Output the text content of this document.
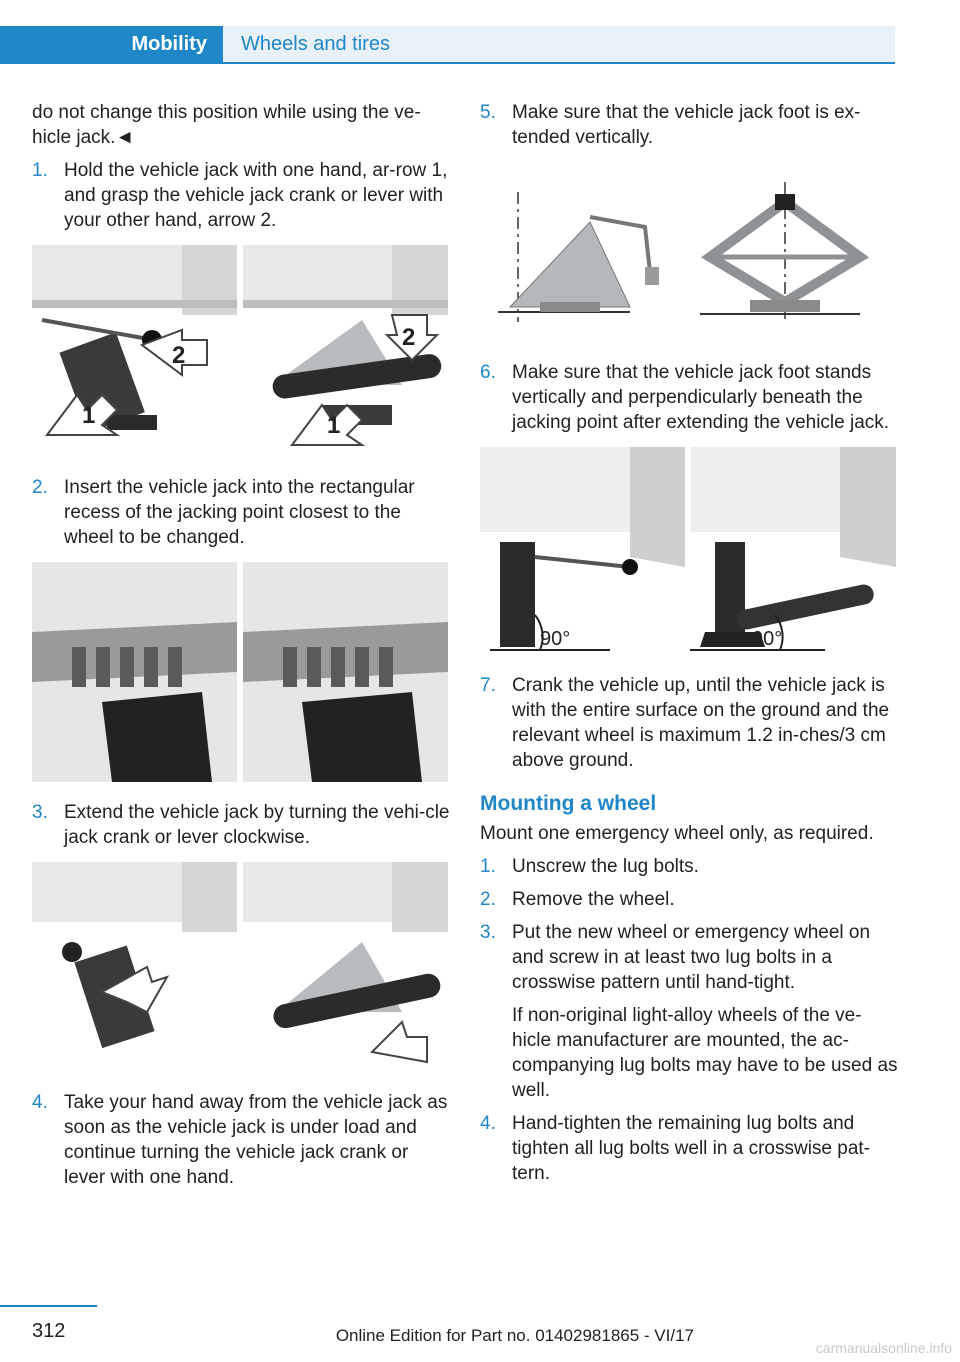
Mobility Wheels and tires
do not change this position while using the ve-hicle jack.◄
1. Hold the vehicle jack with one hand, ar-row 1, and grasp the vehicle jack crank or lever with your other hand, arrow 2.
1
2
1
2
2. Insert the vehicle jack into the rectangular recess of the jacking point closest to the wheel to be changed.
3. Extend the vehicle jack by turning the vehi-cle jack crank or lever clockwise.
4. Take your hand away from the vehicle jack as soon as the vehicle jack is under load and continue turning the vehicle jack crank or lever with one hand.
5. Make sure that the vehicle jack foot is ex-tended vertically.
6. Make sure that the vehicle jack foot stands vertically and perpendicularly beneath the jacking point after extending the vehicle jack.
90°	90°
7. Crank the vehicle up, until the vehicle jack is with the entire surface on the ground and the relevant wheel is maximum 1.2 in-ches/3 cm above ground.
Mounting a wheel
Mount one emergency wheel only, as required.
1. Unscrew the lug bolts.
2. Remove the wheel.
3. Put the new wheel or emergency wheel on and screw in at least two lug bolts in a crosswise pattern until hand-tight.
If non-original light-alloy wheels of the ve-hicle manufacturer are mounted, the ac-companying lug bolts may have to be used as well.
4. Hand-tighten the remaining lug bolts and tighten all lug bolts well in a crosswise pat-tern.
312	Online Edition for Part no. 01402981865 - VI/17
carmanualsonline.info
